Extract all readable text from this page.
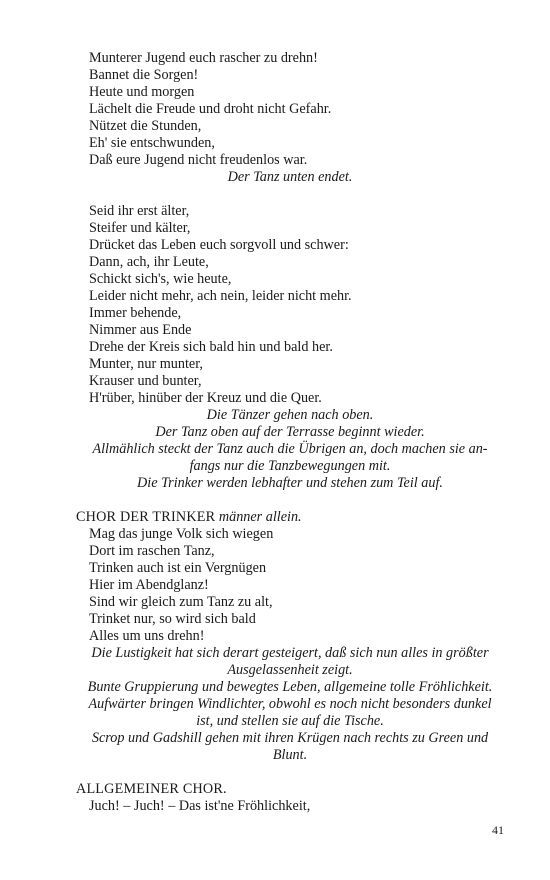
Munterer Jugend euch rascher zu drehn!
Bannet die Sorgen!
Heute und morgen
Lächelt die Freude und droht nicht Gefahr.
Nützet die Stunden,
Eh' sie entschwunden,
Daß eure Jugend nicht freudenlos war.
Der Tanz unten endet.
Seid ihr erst älter,
Steifer und kälter,
Drücket das Leben euch sorgvoll und schwer:
Dann, ach, ihr Leute,
Schickt sich's, wie heute,
Leider nicht mehr, ach nein, leider nicht mehr.
Immer behende,
Nimmer aus Ende
Drehe der Kreis sich bald hin und bald her.
Munter, nur munter,
Krauser und bunter,
H'rüber, hinüber der Kreuz und die Quer.
Die Tänzer gehen nach oben.
Der Tanz oben auf der Terrasse beginnt wieder.
Allmählich steckt der Tanz auch die Übrigen an, doch machen sie an-
fangs nur die Tanzbewegungen mit.
Die Trinker werden lebhafter und stehen zum Teil auf.
CHOR DER TRINKER männer allein.
Mag das junge Volk sich wiegen
Dort im raschen Tanz,
Trinken auch ist ein Vergnügen
Hier im Abendglanz!
Sind wir gleich zum Tanz zu alt,
Trinket nur, so wird sich bald
Alles um uns drehn!
Die Lustigkeit hat sich derart gesteigert, daß sich nun alles in größter
Ausgelassenheit zeigt.
Bunte Gruppierung und bewegtes Leben, allgemeine tolle Fröhlichkeit.
Aufwärter bringen Windlichter, obwohl es noch nicht besonders dunkel
ist, und stellen sie auf die Tische.
Scrop und Gadshill gehen mit ihren Krügen nach rechts zu Green und
Blunt.
ALLGEMEINER CHOR.
Juch! – Juch! – Das ist'ne Fröhlichkeit,
41
